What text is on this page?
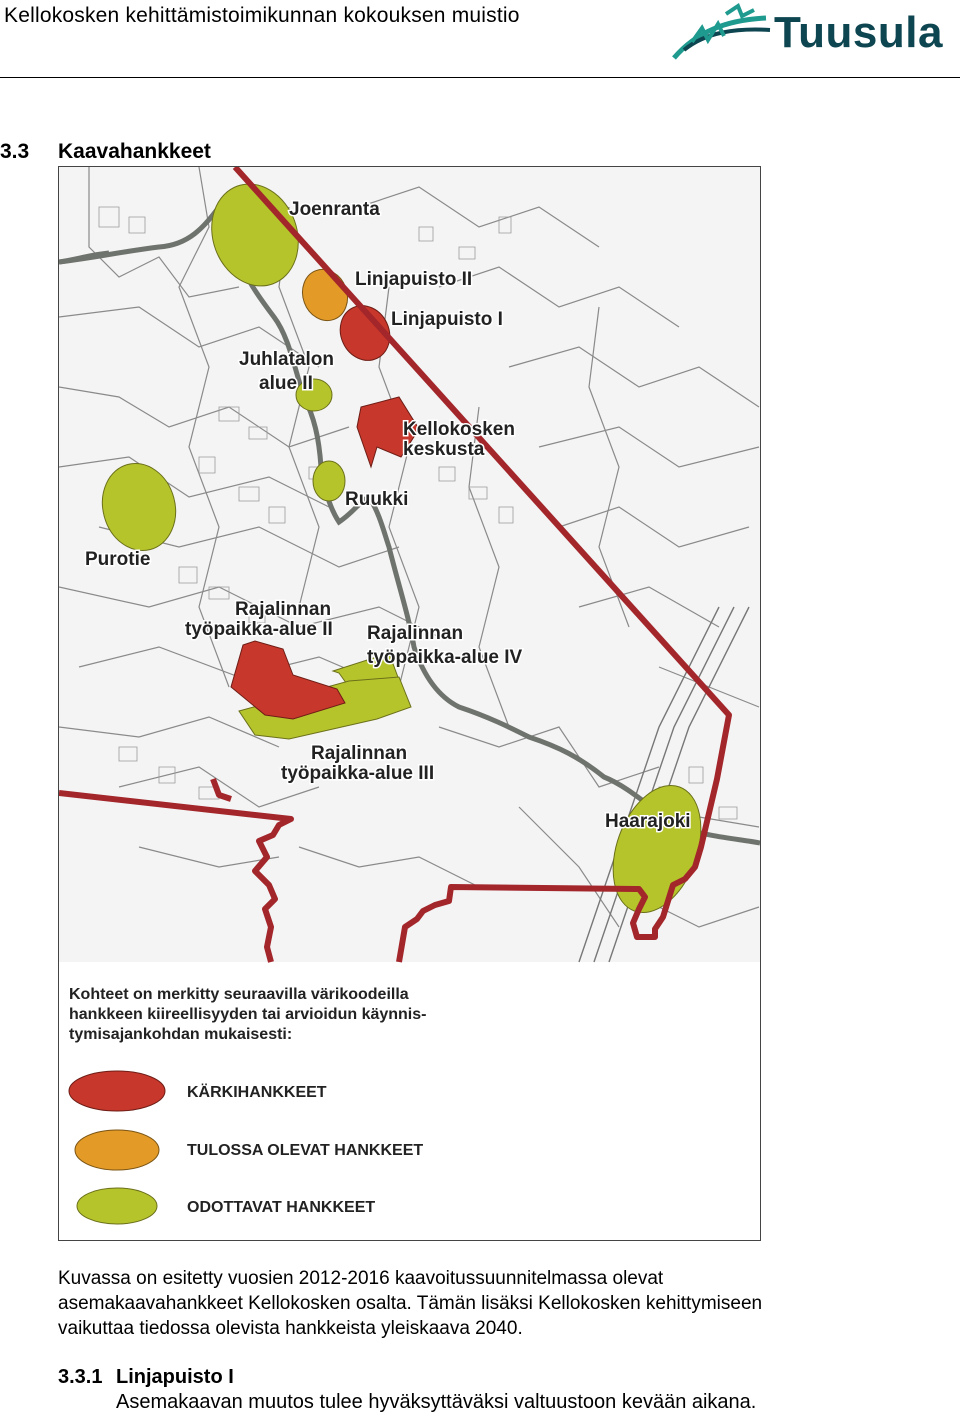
Kellokosken kehittämistoimikunnan kokouksen muistio	Tuusula
3.3 Kaavahankkeet
Joenranta
Linjapuisto II
Linjapuisto I
Juhlatalon
alue II
Kellokosken
keskusta
Ruukki
Purotie
Rajalinnan
työpaikka-alue II Rajalinnan
työpaikka-alue IV
Rajalinnan
työpaikka-alue III
Haarajoki
Kohteet on merkitty seuraavilla värikoodeilla
hankkeen kiireellisyyden tai arvioidun käynnis-
tymisajankohdan mukaisesti:
KÄRKIHANKKEET
TULOSSA OLEVAT HANKKEET
ODOTTAVAT HANKKEET
Kuvassa on esitetty vuosien 2012-2016 kaavoitussuunnitelmassa olevat
asemakaavahankkeet Kellokosken osalta. Tämän lisäksi Kellokosken kehittymiseen
vaikuttaa tiedossa olevista hankkeista yleiskaava 2040.
3.3.1 Linjapuisto I
Asemakaavan muutos tulee hyväksyttäväksi valtuustoon kevään aikana.
